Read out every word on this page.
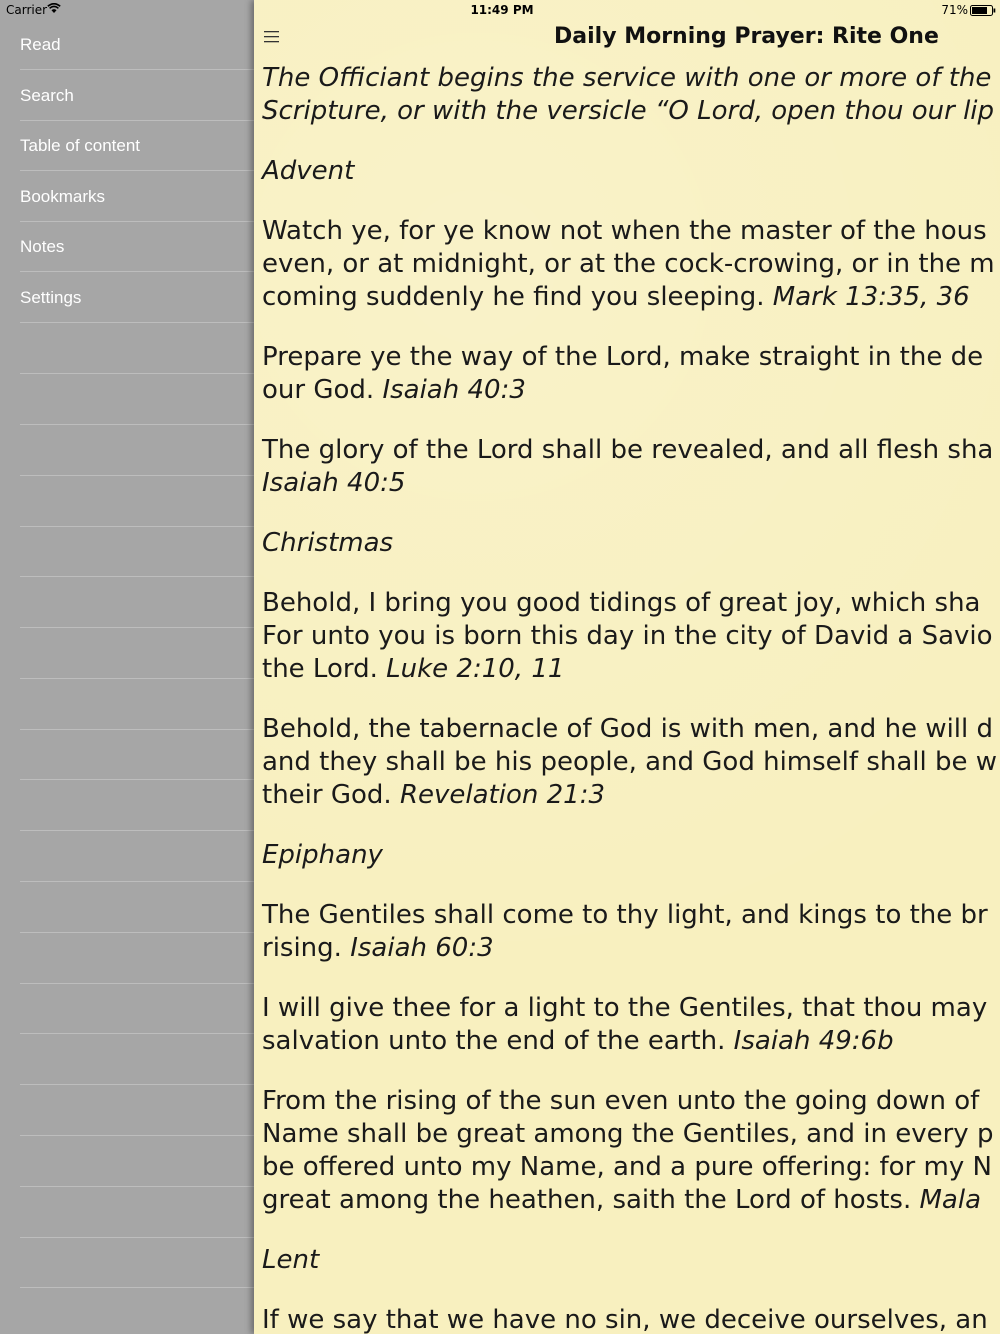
Carrier	11:49 PM	71%
Read
Search
Table of content
Bookmarks
Notes
Settings
Daily Morning Prayer: Rite One

The Officiant begins the service with one or more of the
Scripture, or with the versicle “O Lord, open thou our lip

Advent

Watch ye, for ye know not when the master of the hous
even, or at midnight, or at the cock-crowing, or in the m
coming suddenly he find you sleeping. Mark 13:35, 36

Prepare ye the way of the Lord, make straight in the de
our God. Isaiah 40:3

The glory of the Lord shall be revealed, and all flesh sha
Isaiah 40:5

Christmas

Behold, I bring you good tidings of great joy, which sha
For unto you is born this day in the city of David a Savio
the Lord. Luke 2:10, 11

Behold, the tabernacle of God is with men, and he will d
and they shall be his people, and God himself shall be w
their God. Revelation 21:3

Epiphany

The Gentiles shall come to thy light, and kings to the br
rising. Isaiah 60:3

I will give thee for a light to the Gentiles, that thou may
salvation unto the end of the earth. Isaiah 49:6b

From the rising of the sun even unto the going down of
Name shall be great among the Gentiles, and in every p
be offered unto my Name, and a pure offering: for my N
great among the heathen, saith the Lord of hosts. Mala

Lent

If we say that we have no sin, we deceive ourselves, an
